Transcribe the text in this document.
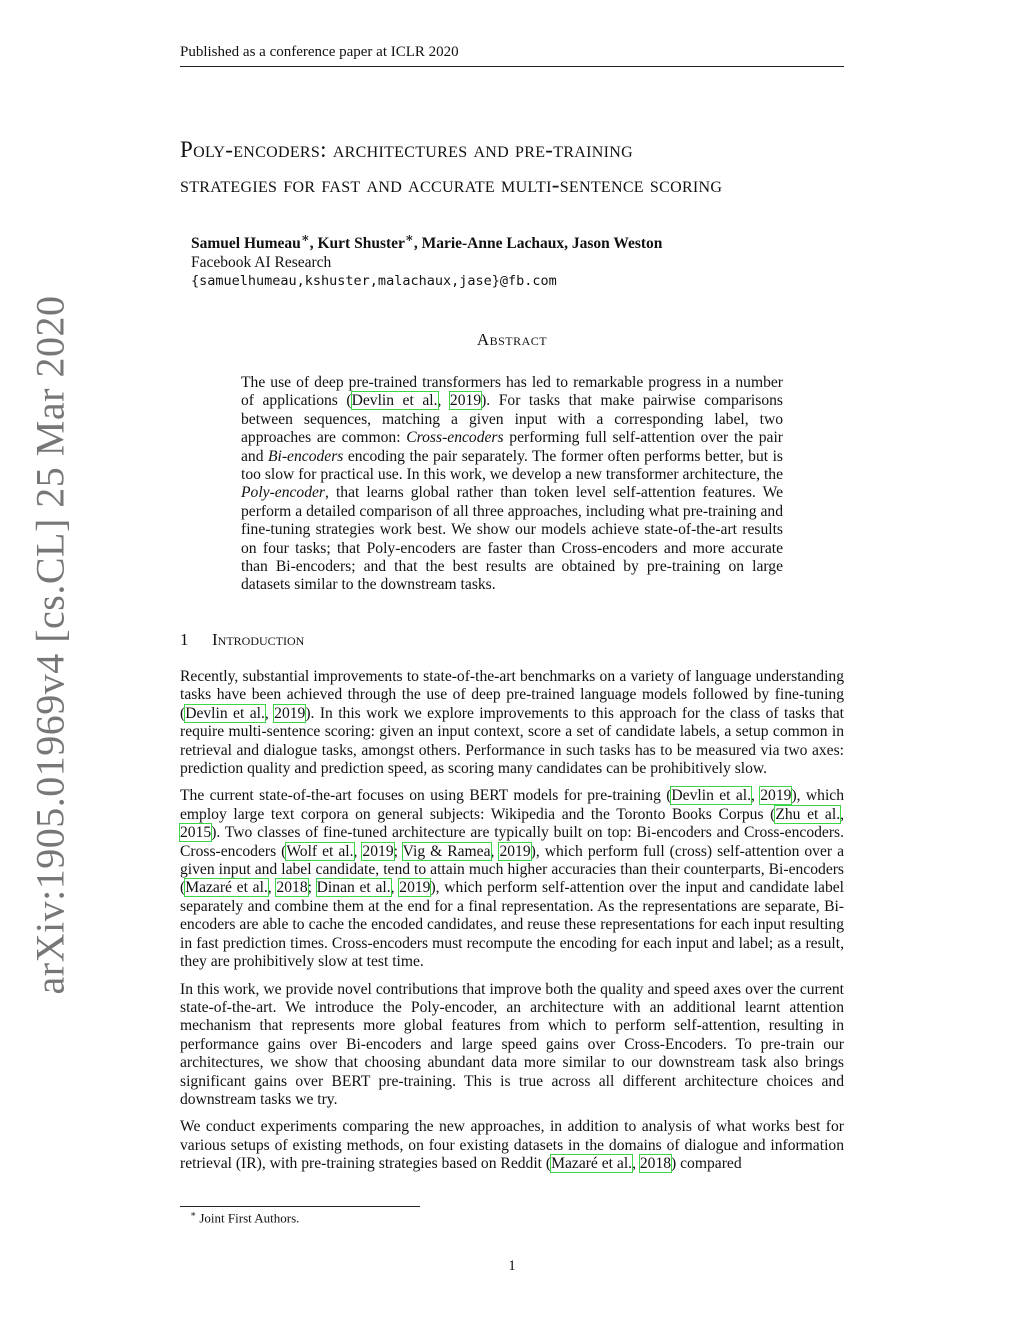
Published as a conference paper at ICLR 2020
arXiv:1905.01969v4 [cs.CL] 25 Mar 2020
Poly-encoders: architectures and pre-training
strategies for fast and accurate multi-sentence scoring
Samuel Humeau∗, Kurt Shuster∗, Marie-Anne Lachaux, Jason Weston
Facebook AI Research
{samuelhumeau,kshuster,malachaux,jase}@fb.com
Abstract
The use of deep pre-trained transformers has led to remarkable progress in a number of applications (Devlin et al., 2019). For tasks that make pairwise comparisons between sequences, matching a given input with a corresponding label, two approaches are common: Cross-encoders performing full self-attention over the pair and Bi-encoders encoding the pair separately. The former often performs better, but is too slow for practical use. In this work, we develop a new transformer architecture, the Poly-encoder, that learns global rather than token level self-attention features. We perform a detailed comparison of all three approaches, including what pre-training and fine-tuning strategies work best. We show our models achieve state-of-the-art results on four tasks; that Poly-encoders are faster than Cross-encoders and more accurate than Bi-encoders; and that the best results are obtained by pre-training on large datasets similar to the downstream tasks.
1 Introduction

Recently, substantial improvements to state-of-the-art benchmarks on a variety of language understanding tasks have been achieved through the use of deep pre-trained language models followed by fine-tuning (Devlin et al., 2019). In this work we explore improvements to this approach for the class of tasks that require multi-sentence scoring: given an input context, score a set of candidate labels, a setup common in retrieval and dialogue tasks, amongst others. Performance in such tasks has to be measured via two axes: prediction quality and prediction speed, as scoring many candidates can be prohibitively slow.

The current state-of-the-art focuses on using BERT models for pre-training (Devlin et al., 2019), which employ large text corpora on general subjects: Wikipedia and the Toronto Books Corpus (Zhu et al., 2015). Two classes of fine-tuned architecture are typically built on top: Bi-encoders and Cross-encoders. Cross-encoders (Wolf et al., 2019; Vig & Ramea, 2019), which perform full (cross) self-attention over a given input and label candidate, tend to attain much higher accuracies than their counterparts, Bi-encoders (Mazaré et al., 2018; Dinan et al., 2019), which perform self-attention over the input and candidate label separately and combine them at the end for a final representation. As the representations are separate, Bi-encoders are able to cache the encoded candidates, and reuse these representations for each input resulting in fast prediction times. Cross-encoders must recompute the encoding for each input and label; as a result, they are prohibitively slow at test time.

In this work, we provide novel contributions that improve both the quality and speed axes over the current state-of-the-art. We introduce the Poly-encoder, an architecture with an additional learnt attention mechanism that represents more global features from which to perform self-attention, resulting in performance gains over Bi-encoders and large speed gains over Cross-Encoders. To pre-train our architectures, we show that choosing abundant data more similar to our downstream task also brings significant gains over BERT pre-training. This is true across all different architecture choices and downstream tasks we try.

We conduct experiments comparing the new approaches, in addition to analysis of what works best for various setups of existing methods, on four existing datasets in the domains of dialogue and information retrieval (IR), with pre-training strategies based on Reddit (Mazaré et al., 2018) compared

∗ Joint First Authors.
1
